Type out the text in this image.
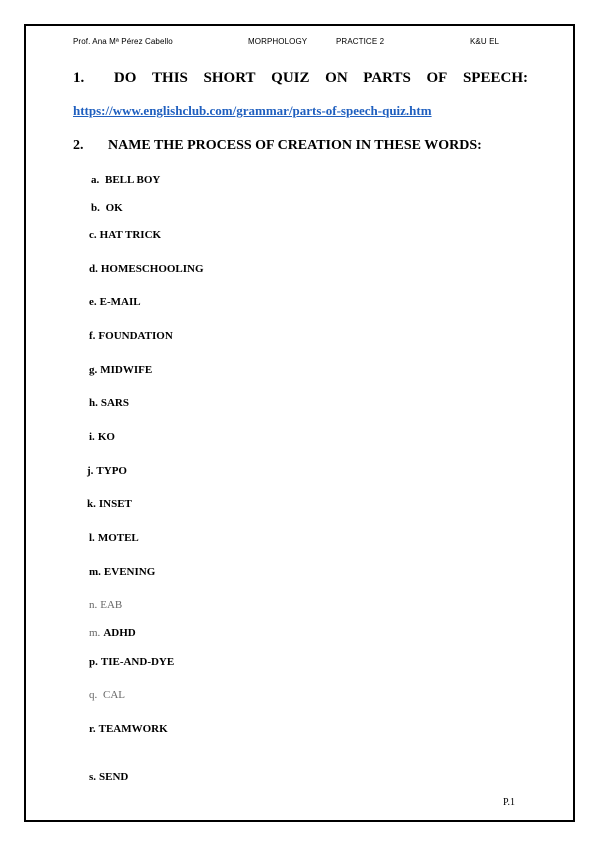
Prof. Ana Mª Pérez Cabello	MORPHOLOGY	PRACTICE 2	K&U EL
1. DO THIS SHORT QUIZ ON PARTS OF SPEECH:
https://www.englishclub.com/grammar/parts-of-speech-quiz.htm
2. NAME THE PROCESS OF CREATION IN THESE WORDS:
a. BELL BOY
b. OK
c. HAT TRICK
d. HOMESCHOOLING
e. E-MAIL
f. FOUNDATION
g. MIDWIFE
h. SARS
i. KO
j. TYPO
k. INSET
l. MOTEL
m. EVENING
n. EAB
m. ADHD
p. TIE-AND-DYE
q. CAL
r. TEAMWORK
s. SEND
P.1
